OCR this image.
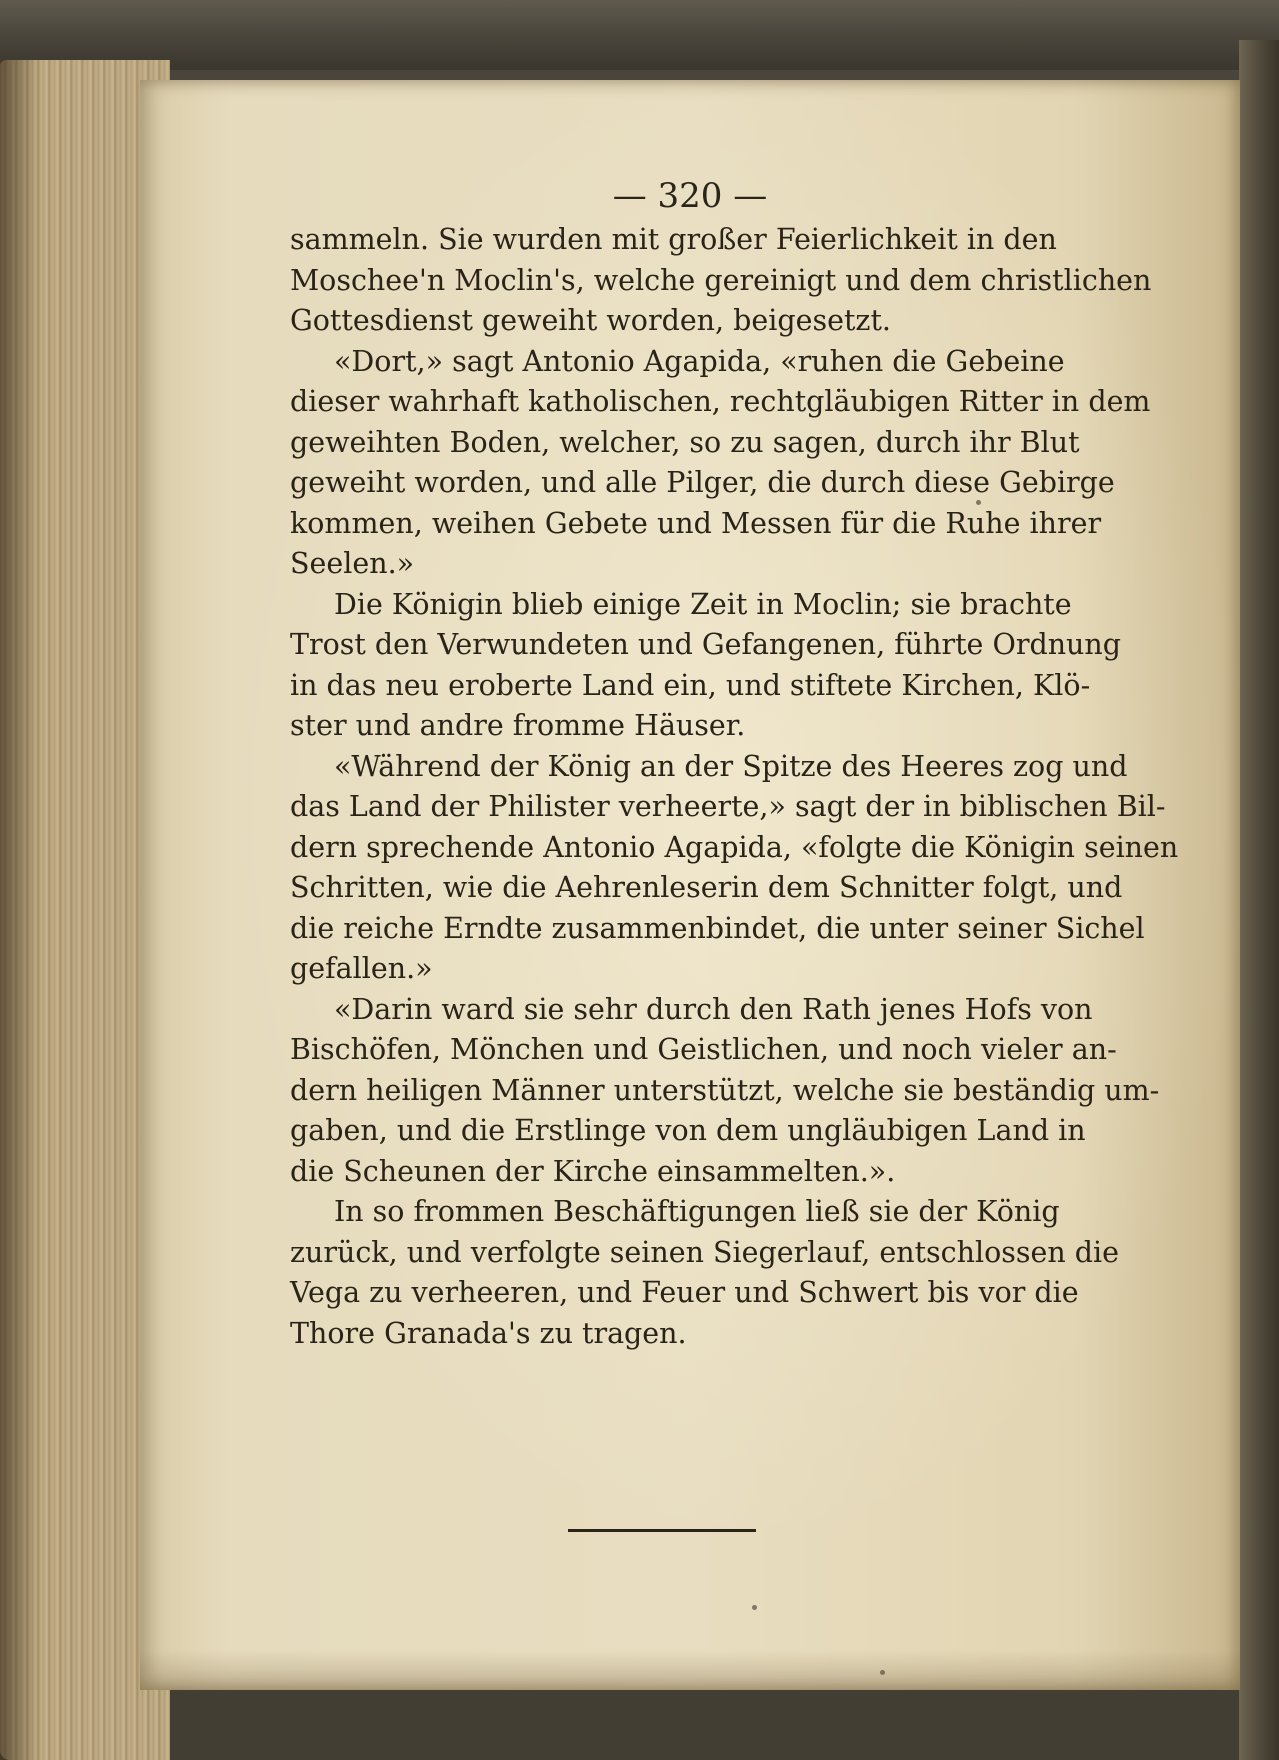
— 320 —
sammeln. Sie wurden mit großer Feierlichkeit in den
Moschee'n Moclin's, welche gereinigt und dem christlichen
Gottesdienst geweiht worden, beigesetzt.
«Dort,» sagt Antonio Agapida, «ruhen die Gebeine
dieser wahrhaft katholischen, rechtgläubigen Ritter in dem
geweihten Boden, welcher, so zu sagen, durch ihr Blut
geweiht worden, und alle Pilger, die durch diese Gebirge
kommen, weihen Gebete und Messen für die Ruhe ihrer
Seelen.»
Die Königin blieb einige Zeit in Moclin; sie brachte
Trost den Verwundeten und Gefangenen, führte Ordnung
in das neu eroberte Land ein, und stiftete Kirchen, Klö-
ster und andre fromme Häuser.
«Während der König an der Spitze des Heeres zog und
das Land der Philister verheerte,» sagt der in biblischen Bil-
dern sprechende Antonio Agapida, «folgte die Königin seinen
Schritten, wie die Aehrenleserin dem Schnitter folgt, und
die reiche Erndte zusammenbindet, die unter seiner Sichel
gefallen.»
«Darin ward sie sehr durch den Rath jenes Hofs von
Bischöfen, Mönchen und Geistlichen, und noch vieler an-
dern heiligen Männer unterstützt, welche sie beständig um-
gaben, und die Erstlinge von dem ungläubigen Land in
die Scheunen der Kirche einsammelten.».
In so frommen Beschäftigungen ließ sie der König
zurück, und verfolgte seinen Siegerlauf, entschlossen die
Vega zu verheeren, und Feuer und Schwert bis vor die
Thore Granada's zu tragen.
